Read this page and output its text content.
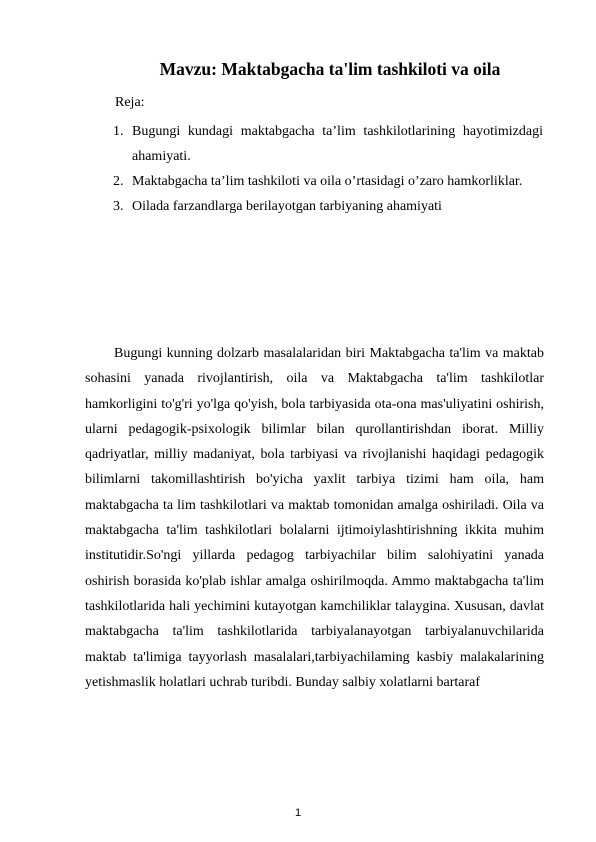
Mavzu: Maktabgacha ta'lim tashkiloti va oila
Reja:
1. Bugungi kundagi maktabgacha ta’lim tashkilotlarining hayotimizdagi ahamiyati.
2. Maktabgacha ta’lim tashkiloti va oila o’rtasidagi o’zaro hamkorliklar.
3. Oilada farzandlarga berilayotgan tarbiyaning ahamiyati

Bugungi kunning dolzarb masalalaridan biri Maktabgacha ta'lim va maktab sohasini yanada rivojlantirish, oila va Maktabgacha ta'lim tashkilotlar hamkorligini to'g'ri yo'lga qo'yish, bola tarbiyasida ota-ona mas'uliyatini oshirish, ularni pedagogik-psixologik bilimlar bilan qurollantirishdan iborat. Milliy qadriyatlar, milliy madaniyat, bola tarbiyasi va rivojlanishi haqidagi pedagogik bilimlarni takomillashtirish bo'yicha yaxlit tarbiya tizimi ham oila, ham maktabgacha ta lim tashkilotlari va maktab tomonidan amalga oshiriladi. Oila va maktabgacha ta'lim tashkilotlari bolalarni ijtimoiylashtirishning ikkita muhim institutidir.So'ngi yillarda pedagog tarbiyachilar bilim salohiyatini yanada oshirish borasida ko'plab ishlar amalga oshirilmoqda. Ammo maktabgacha ta'lim tashkilotlarida hali yechimini kutayotgan kamchiliklar talaygina. Xususan, davlat maktabgacha ta'lim tashkilotlarida tarbiyalanayotgan tarbiyalanuvchilarida maktab ta'limiga tayyorlash masalalari,tarbiyachilaming kasbiy malakalarining yetishmaslik holatlari uchrab turibdi. Bunday salbiy xolatlarni bartaraf

1
